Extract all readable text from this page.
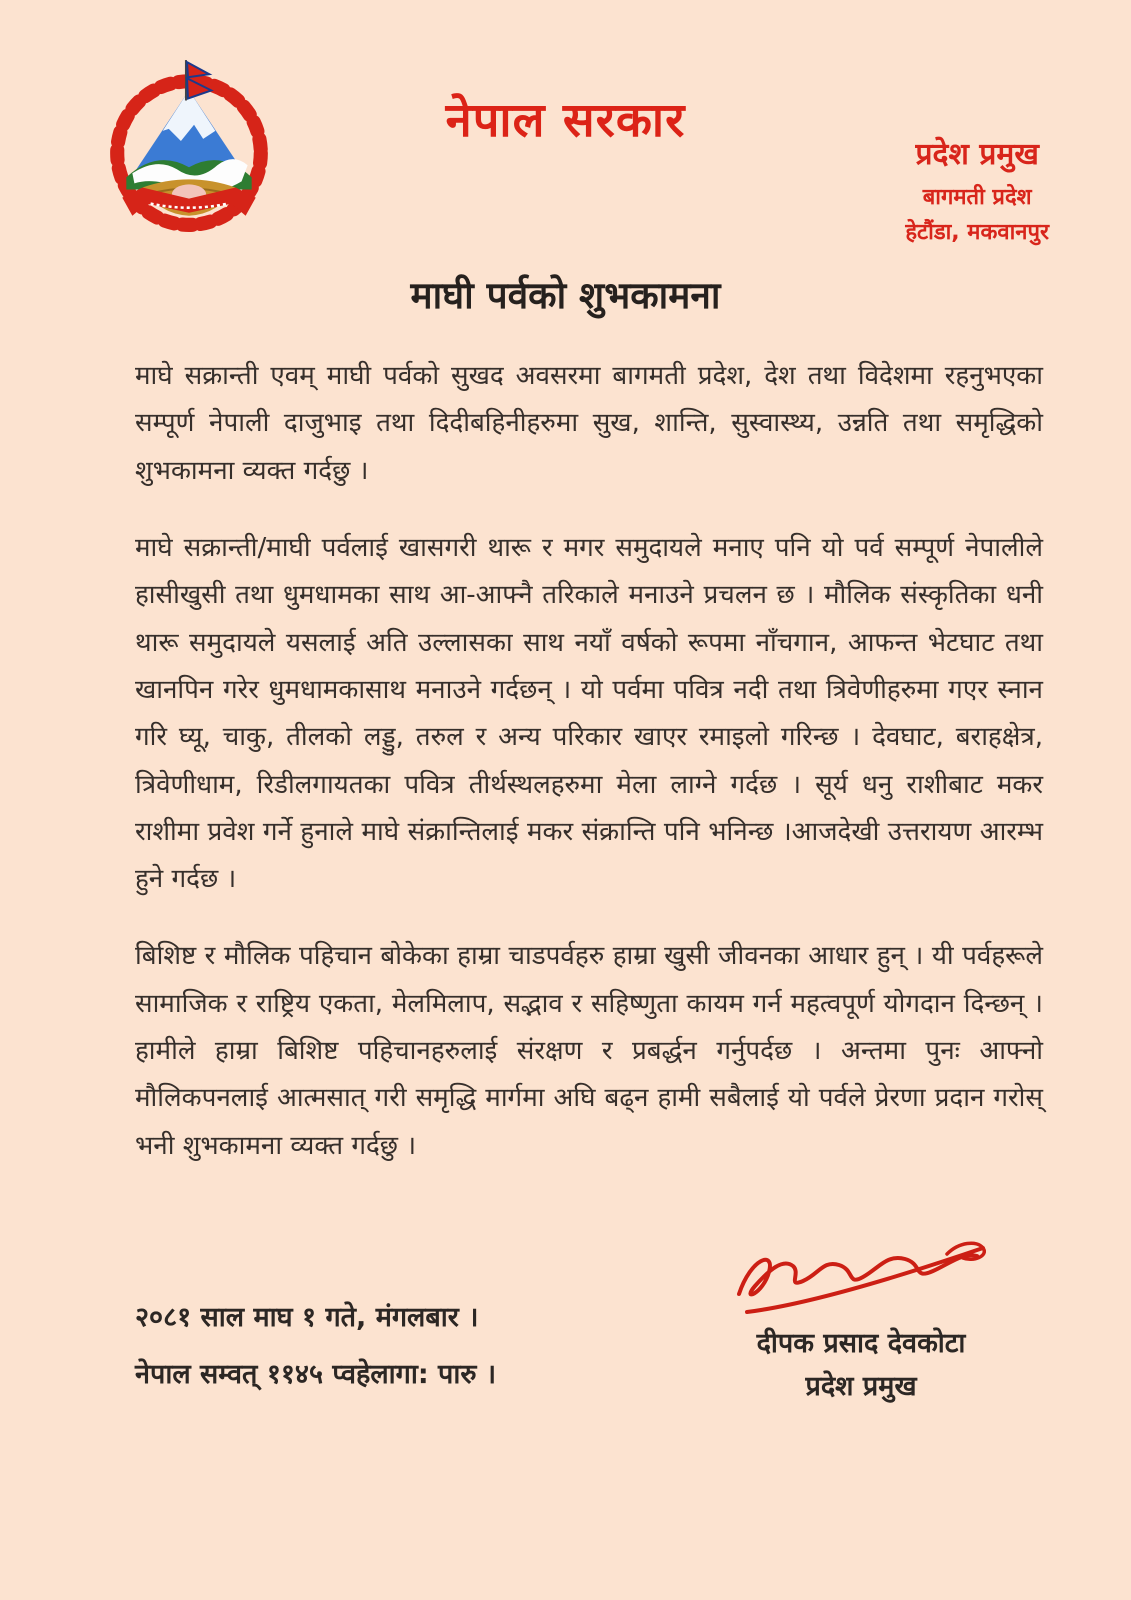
नेपाल सरकार
प्रदेश प्रमुख
बागमती प्रदेश
हेटौंडा, मकवानपुर
माघी पर्वको शुभकामना

माघे सक्रान्ती एवम् माघी पर्वको सुखद अवसरमा बागमती प्रदेश, देश तथा विदेशमा रहनुभएका सम्पूर्ण नेपाली दाजुभाइ तथा दिदीबहिनीहरुमा सुख, शान्ति, सुस्वास्थ्य, उन्नति तथा समृद्धिको शुभकामना व्यक्त गर्दछु ।

माघे सक्रान्ती/माघी पर्वलाई खासगरी थारू र मगर समुदायले मनाए पनि यो पर्व सम्पूर्ण नेपालीले हासीखुसी तथा धुमधामका साथ आ-आफ्नै तरिकाले मनाउने प्रचलन छ । मौलिक संस्कृतिका धनी थारू समुदायले यसलाई अति उल्लासका साथ नयाँ वर्षको रूपमा नाँचगान, आफन्त भेटघाट तथा खानपिन गरेर धुमधामकासाथ मनाउने गर्दछन् । यो पर्वमा पवित्र नदी तथा त्रिवेणीहरुमा गएर स्नान गरि घ्यू, चाकु, तीलको लड्डु, तरुल र अन्य परिकार खाएर रमाइलो गरिन्छ । देवघाट, बराहक्षेत्र, त्रिवेणीधाम, रिडीलगायतका पवित्र तीर्थस्थलहरुमा मेला लाग्ने गर्दछ । सूर्य धनु राशीबाट मकर राशीमा प्रवेश गर्ने हुनाले माघे संक्रान्तिलाई मकर संक्रान्ति पनि भनिन्छ ।आजदेखी उत्तरायण आरम्भ हुने गर्दछ ।

बिशिष्ट र मौलिक पहिचान बोकेका हाम्रा चाडपर्वहरु हाम्रा खुसी जीवनका आधार हुन् । यी पर्वहरूले सामाजिक र राष्ट्रिय एकता, मेलमिलाप, सद्भाव र सहिष्णुता कायम गर्न महत्वपूर्ण योगदान दिन्छन् । हामीले हाम्रा बिशिष्ट पहिचानहरुलाई संरक्षण र प्रबर्द्धन गर्नुपर्दछ । अन्तमा पुनः आफ्नो मौलिकपनलाई आत्मसात् गरी समृद्धि मार्गमा अघि बढ्न हामी सबैलाई यो पर्वले प्रेरणा प्रदान गरोस् भनी शुभकामना व्यक्त गर्दछु ।

२०८१ साल माघ १ गते, मंगलबार ।
नेपाल सम्वत् ११४५ प्वहेलागा: पारु ।
दीपक प्रसाद देवकोटा
प्रदेश प्रमुख
